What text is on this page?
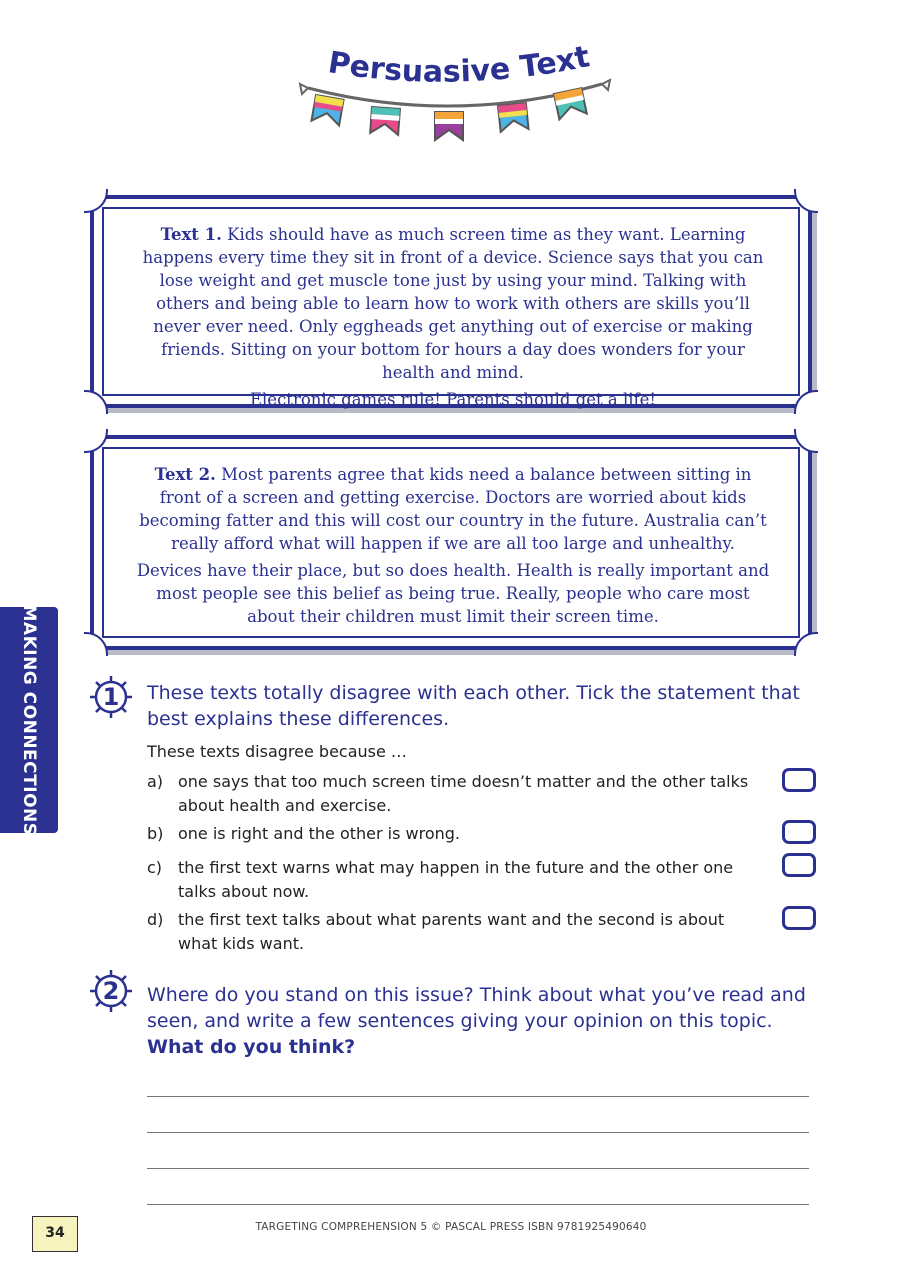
Persuasive Text

Text 1. Kids should have as much screen time as they want. Learning happens every time they sit in front of a device. Science says that you can lose weight and get muscle tone just by using your mind. Talking with others and being able to learn how to work with others are skills you’ll never ever need. Only eggheads get anything out of exercise or making friends. Sitting on your bottom for hours a day does wonders for your health and mind.

Electronic games rule! Parents should get a life!

Text 2. Most parents agree that kids need a balance between sitting in front of a screen and getting exercise. Doctors are worried about kids becoming fatter and this will cost our country in the future. Australia can’t really afford what will happen if we are all too large and unhealthy.

Devices have their place, but so does health. Health is really important and most people see this belief as being true. Really, people who care most about their children must limit their screen time.

MAKING CONNECTIONS	1	These texts totally disagree with each other. Tick the statement that best explains these differences.
These texts disagree because …
a) one says that too much screen time doesn’t matter and the other talks about health and exercise.
b) one is right and the other is wrong.
c) the first text warns what may happen in the future and the other one talks about now.
d) the first text talks about what parents want and the second is about what kids want.
2	Where do you stand on this issue? Think about what you’ve read and seen, and write a few sentences giving your opinion on this topic. What do you think?
34	TARGETING COMPREHENSION 5 © PASCAL PRESS ISBN 9781925490640
